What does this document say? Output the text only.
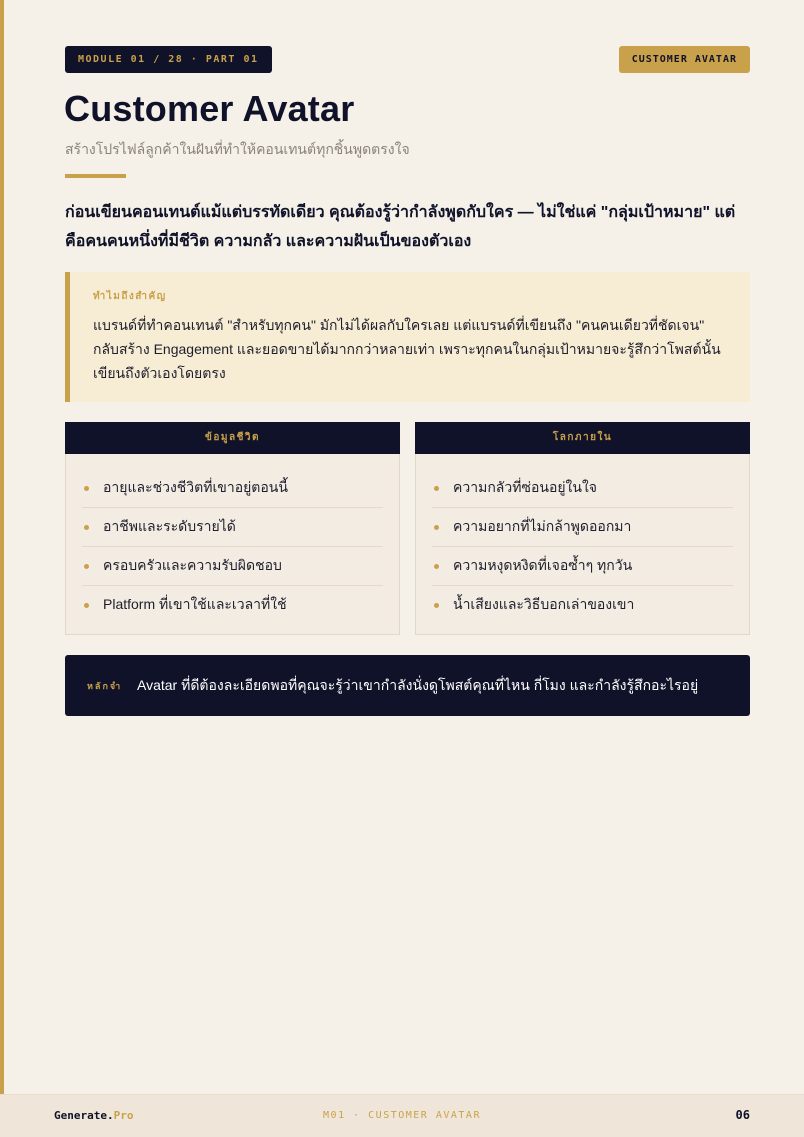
MODULE 01 / 28 · PART 01	CUSTOMER AVATAR
Customer Avatar
สร้างโปรไฟล์ลูกค้าในฝันที่ทำให้คอนเทนต์ทุกชิ้นพูดตรงใจ

ก่อนเขียนคอนเทนต์แม้แต่บรรทัดเดียว คุณต้องรู้ว่ากำลังพูดกับใคร — ไม่ใช่แค่ "กลุ่มเป้าหมาย" แต่คือคนคนหนึ่งที่มีชีวิต ความกลัว และความฝันเป็นของตัวเอง

ทำไมถึงสำคัญ
แบรนด์ที่ทำคอนเทนต์ "สำหรับทุกคน" มักไม่ได้ผลกับใครเลย แต่แบรนด์ที่เขียนถึง "คนคนเดียวที่ชัดเจน" กลับสร้าง Engagement และยอดขายได้มากกว่าหลายเท่า เพราะทุกคนในกลุ่มเป้าหมายจะรู้สึกว่าโพสต์นั้นเขียนถึงตัวเองโดยตรง
ข้อมูลชีวิต
อายุและช่วงชีวิตที่เขาอยู่ตอนนี้
อาชีพและระดับรายได้
ครอบครัวและความรับผิดชอบ
Platform ที่เขาใช้และเวลาที่ใช้
โลกภายใน
ความกลัวที่ซ่อนอยู่ในใจ
ความอยากที่ไม่กล้าพูดออกมา
ความหงุดหงิดที่เจอซ้ำๆ ทุกวัน
น้ำเสียงและวิธีบอกเล่าของเขา
หลักจำ	Avatar ที่ดีต้องละเอียดพอที่คุณจะรู้ว่าเขากำลังนั่งดูโพสต์คุณที่ไหน กี่โมง และกำลังรู้สึกอะไรอยู่
Generate.Pro	M01 · CUSTOMER AVATAR	06
